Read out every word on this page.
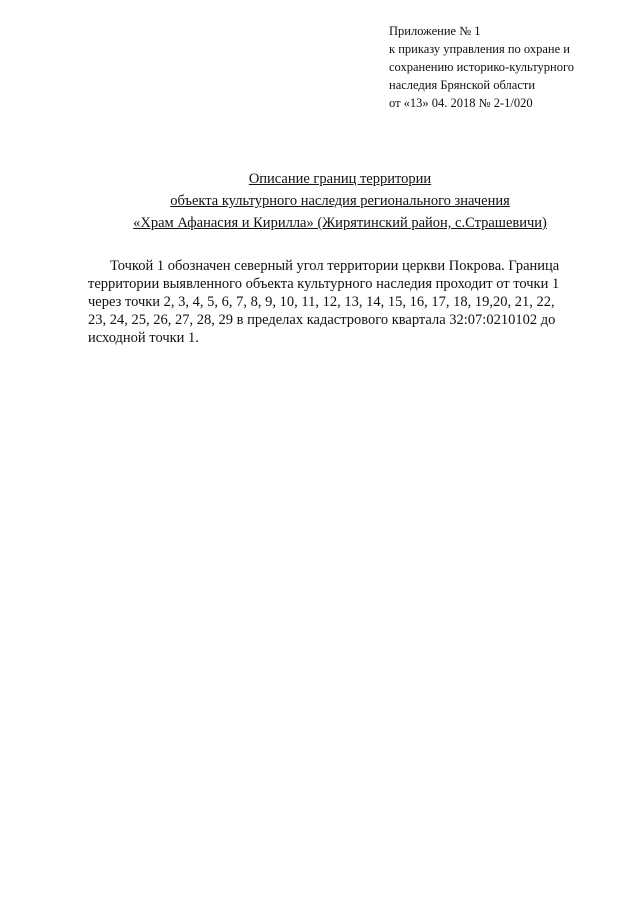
Приложение № 1
к приказу управления по охране и
сохранению историко-культурного
наследия Брянской области
от «13» 04. 2018 № 2-1/020
Описание границ территории
объекта культурного наследия регионального значения
«Храм Афанасия и Кирилла» (Жирятинский район, с.Страшевичи)
Точкой 1 обозначен северный угол территории церкви Покрова. Граница
территории выявленного объекта культурного наследия проходит от точки 1
через точки 2, 3, 4, 5, 6, 7, 8, 9, 10, 11, 12, 13, 14, 15, 16, 17, 18, 19,20, 21, 22,
23, 24, 25, 26, 27, 28, 29 в пределах кадастрового квартала 32:07:0210102 до
исходной точки 1.
